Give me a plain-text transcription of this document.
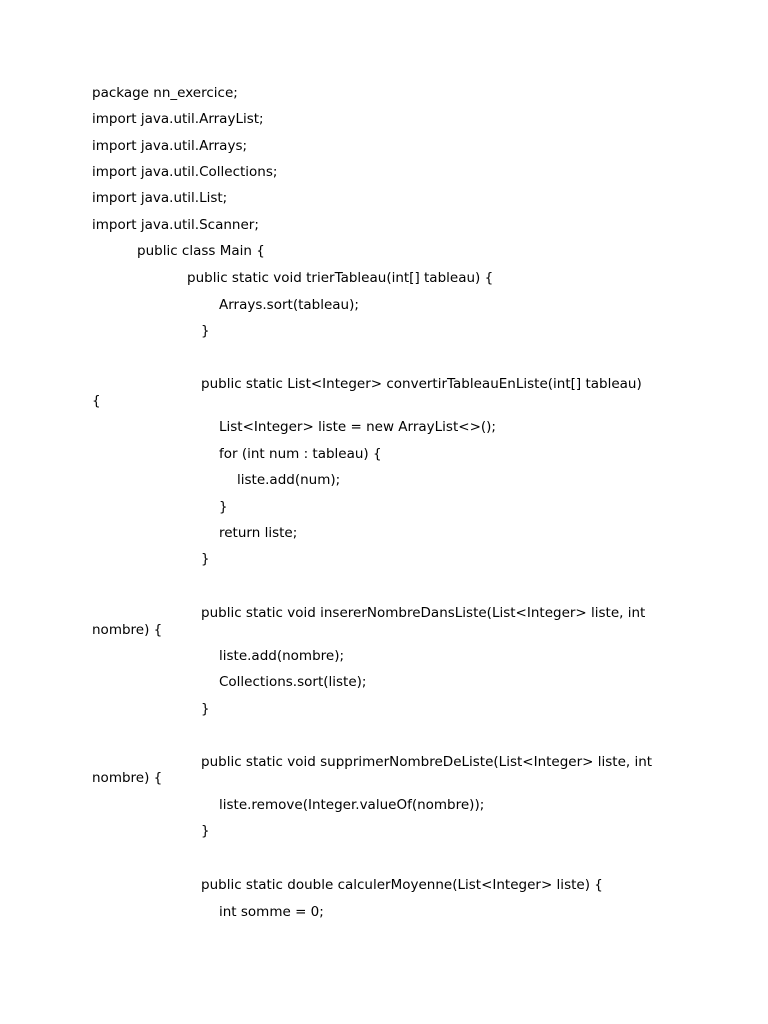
package nn_exercice;
import java.util.ArrayList;
import java.util.Arrays;
import java.util.Collections;
import java.util.List;
import java.util.Scanner;
public class Main {
public static void trierTableau(int[] tableau) {
Arrays.sort(tableau);
}
public static List<Integer> convertirTableauEnListe(int[] tableau)
{
List<Integer> liste = new ArrayList<>();
for (int num : tableau) {
liste.add(num);
}
return liste;
}
public static void insererNombreDansListe(List<Integer> liste, int
nombre) {
liste.add(nombre);
Collections.sort(liste);
}
public static void supprimerNombreDeListe(List<Integer> liste, int
nombre) {
liste.remove(Integer.valueOf(nombre));
}
public static double calculerMoyenne(List<Integer> liste) {
int somme = 0;
